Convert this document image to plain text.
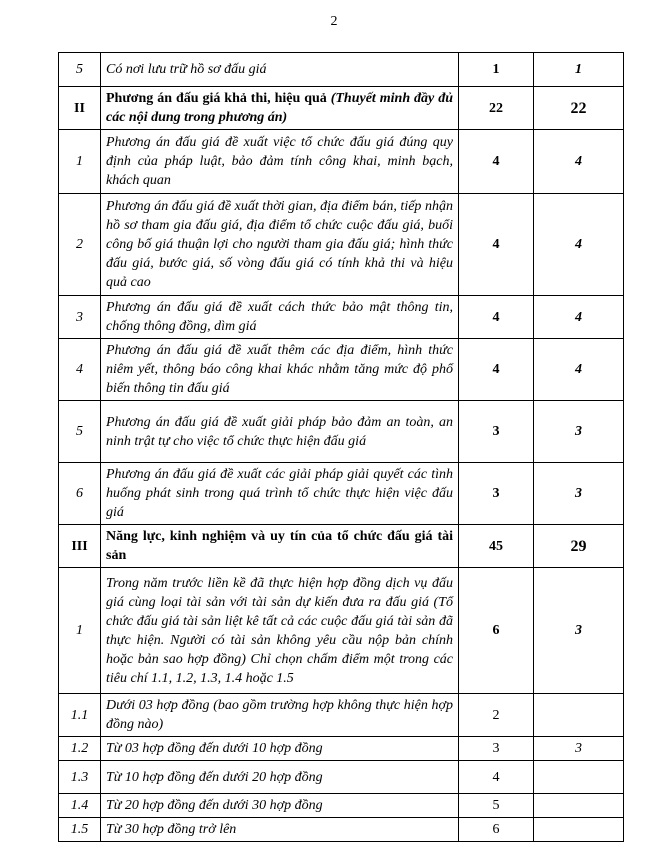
2
5	Có nơi lưu trữ hồ sơ đấu giá	1	1
II	Phương án đấu giá khả thi, hiệu quả (Thuyết minh đầy đủ các nội dung trong phương án)	22	22
1	Phương án đấu giá đề xuất việc tổ chức đấu giá đúng quy định của pháp luật, bảo đảm tính công khai, minh bạch, khách quan	4	4
2	Phương án đấu giá đề xuất thời gian, địa điểm bán, tiếp nhận hồ sơ tham gia đấu giá, địa điểm tổ chức cuộc đấu giá, buổi công bố giá thuận lợi cho người tham gia đấu giá; hình thức đấu giá, bước giá, số vòng đấu giá có tính khả thi và hiệu quả cao	4	4
3	Phương án đấu giá đề xuất cách thức bảo mật thông tin, chống thông đồng, dìm giá	4	4
4	Phương án đấu giá đề xuất thêm các địa điểm, hình thức niêm yết, thông báo công khai khác nhằm tăng mức độ phổ biến thông tin đấu giá	4	4
5	Phương án đấu giá đề xuất giải pháp bảo đảm an toàn, an ninh trật tự cho việc tổ chức thực hiện đấu giá	3	3
6	Phương án đấu giá đề xuất các giải pháp giải quyết các tình huống phát sinh trong quá trình tổ chức thực hiện việc đấu giá	3	3
III	Năng lực, kinh nghiệm và uy tín của tổ chức đấu giá tài sản	45	29
1	Trong năm trước liền kề đã thực hiện hợp đồng dịch vụ đấu giá cùng loại tài sản với tài sản dự kiến đưa ra đấu giá (Tổ chức đấu giá tài sản liệt kê tất cả các cuộc đấu giá tài sản đã thực hiện. Người có tài sản không yêu cầu nộp bản chính hoặc bản sao hợp đồng) Chỉ chọn chấm điểm một trong các tiêu chí 1.1, 1.2, 1.3, 1.4 hoặc 1.5	6	3
1.1	Dưới 03 hợp đồng (bao gồm trường hợp không thực hiện hợp đồng nào)	2	
1.2	Từ 03 hợp đồng đến dưới 10 hợp đồng	3	3
1.3	Từ 10 hợp đồng đến dưới 20 hợp đồng	4	
1.4	Từ 20 hợp đồng đến dưới 30 hợp đồng	5	
1.5	Từ 30 hợp đồng trở lên	6	
